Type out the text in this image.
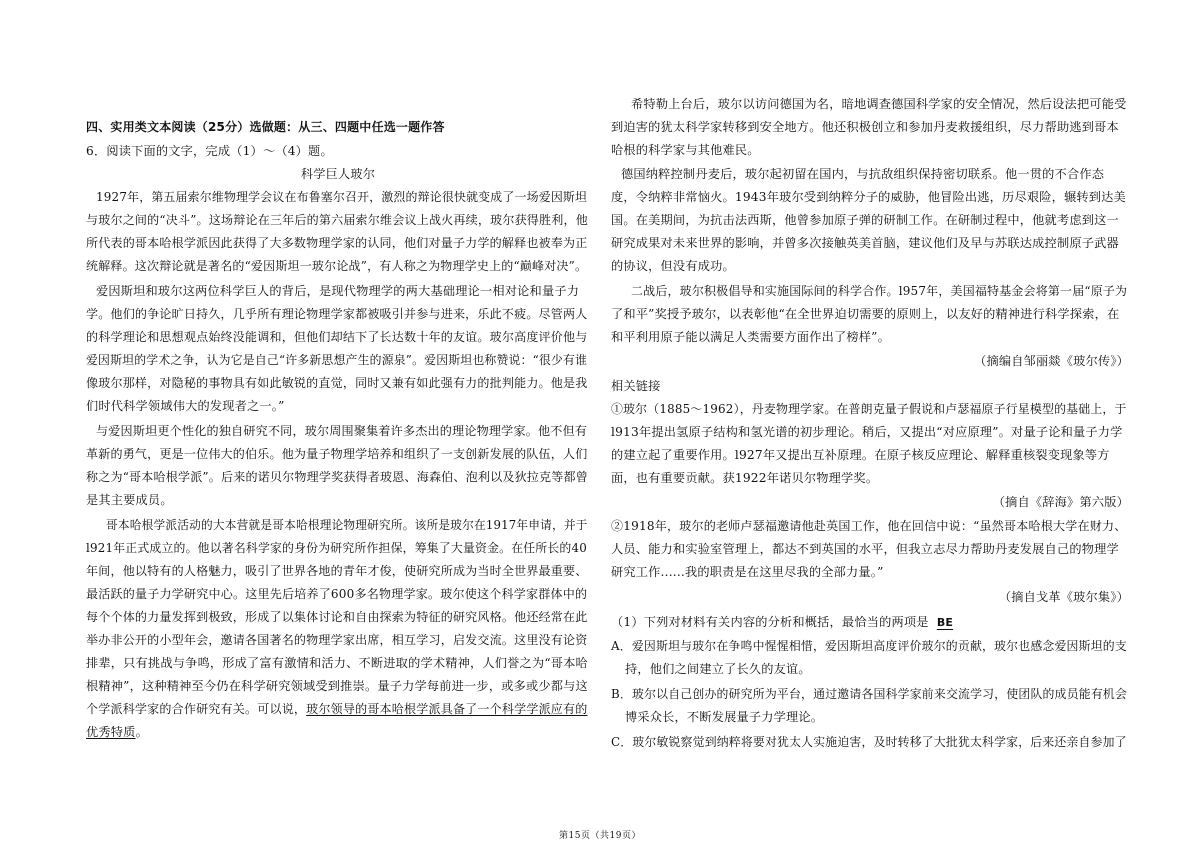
四、实用类文本阅读（25分）选做题：从三、四题中任选一题作答
6．阅读下面的文字，完成（1）～（4）题。
科学巨人玻尔
1927年，第五届索尔维物理学会议在布鲁塞尔召开，激烈的辩论很快就变成了一场爱因斯坦
与玻尔之间的“决斗”。这场辩论在三年后的第六届索尔维会议上战火再续，玻尔获得胜利，他
所代表的哥本哈根学派因此获得了大多数物理学家的认同，他们对量子力学的解释也被奉为正
统解释。这次辩论就是著名的“爱因斯坦一玻尔论战”，有人称之为物理学史上的“巅峰对决”。
爱因斯坦和玻尔这两位科学巨人的背后，是现代物理学的两大基础理论一相对论和量子力
学。他们的争论旷日持久，几乎所有理论物理学家都被吸引并参与进来，乐此不疲。尽管两人
的科学理论和思想观点始终没能调和，但他们却结下了长达数十年的友谊。玻尔高度评价他与
爱因斯坦的学术之争，认为它是自己“许多新思想产生的源泉”。爱因斯坦也称赞说：“很少有谁
像玻尔那样，对隐秘的事物具有如此敏锐的直觉，同时又兼有如此强有力的批判能力。他是我
们时代科学领域伟大的发现者之一。”
与爱因斯坦更个性化的独自研究不同，玻尔周围聚集着许多杰出的理论物理学家。他不但有
革新的勇气，更是一位伟大的伯乐。他为量子物理学培养和组织了一支创新发展的队伍，人们
称之为“哥本哈根学派”。后来的诺贝尔物理学奖获得者玻恩、海森伯、泡利以及狄拉克等都曾
是其主要成员。
哥本哈根学派活动的大本营就是哥本哈根理论物理研究所。该所是玻尔在1917年申请，并于
l921年正式成立的。他以著名科学家的身份为研究所作担保，筹集了大量资金。在任所长的40
年间，他以特有的人格魅力，吸引了世界各地的青年才俊，使研究所成为当时全世界最重要、
最活跃的量子力学研究中心。这里先后培养了600多名物理学家。玻尔使这个科学家群体中的
每个个体的力量发挥到极致，形成了以集体讨论和自由探索为特征的研究风格。他还经常在此
举办非公开的小型年会，邀请各国著名的物理学家出席，相互学习，启发交流。这里没有论资
排辈，只有挑战与争鸣，形成了富有激情和活力、不断进取的学术精神，人们誉之为“哥本哈
根精神”，这种精神至今仍在科学研究领域受到推崇。量子力学每前进一步，或多或少都与这
个学派科学家的合作研究有关。可以说，玻尔领导的哥本哈根学派具备了一个科学学派应有的
优秀特质。
希特勒上台后，玻尔以访问德国为名，暗地调查德国科学家的安全情况，然后设法把可能受
到迫害的犹太科学家转移到安全地方。他还积极创立和参加丹麦救援组织，尽力帮助逃到哥本
哈根的科学家与其他难民。
德国纳粹控制丹麦后，玻尔起初留在国内，与抗敌组织保持密切联系。他一贯的不合作态
度，令纳粹非常恼火。1943年玻尔受到纳粹分子的威胁，他冒险出逃，历尽艰险，辗转到达美
国。在美期间，为抗击法西斯，他曾参加原子弹的研制工作。在研制过程中，他就考虑到这一
研究成果对未来世界的影响，并曾多次接触英美首脑，建议他们及早与苏联达成控制原子武器
的协议，但没有成功。
二战后，玻尔积极倡导和实施国际间的科学合作。l957年，美国福特基金会将第一届“原子为
了和平”奖授予玻尔，以表彰他“在全世界迫切需要的原则上，以友好的精神进行科学探索，在
和平利用原子能以满足人类需要方面作出了榜样”。
（摘编自邹丽燚《玻尔传》）
相关链接
①玻尔（1885～1962），丹麦物理学家。在普朗克量子假说和卢瑟福原子行星模型的基础上，于
l913年提出氢原子结构和氢光谱的初步理论。稍后，又提出“对应原理”。对量子论和量子力学
的建立起了重要作用。l927年又提出互补原理。在原子核反应理论、解释重核裂变现象等方
面，也有重要贡献。获1922年诺贝尔物理学奖。
（摘自《辞海》第六版）
②1918年，玻尔的老师卢瑟福邀请他赴英国工作，他在回信中说：“虽然哥本哈根大学在财力、
人员、能力和实验室管理上，都达不到英国的水平，但我立志尽力帮助丹麦发展自己的物理学
研究工作......我的职责是在这里尽我的全部力量。”
（摘自戈革《玻尔集》）
（1）下列对材料有关内容的分析和概括，最恰当的两项是 BE
A．爱因斯坦与玻尔在争鸣中惺惺相惜，爱因斯坦高度评价玻尔的贡献，玻尔也感念爱因斯坦的支
持，他们之间建立了长久的友谊。
B．玻尔以自己创办的研究所为平台，通过邀请各国科学家前来交流学习，使团队的成员能有机会
博采众长，不断发展量子力学理论。
C．玻尔敏锐察觉到纳粹将要对犹太人实施迫害，及时转移了大批犹太科学家，后来还亲自参加了
第15页（共19页）
